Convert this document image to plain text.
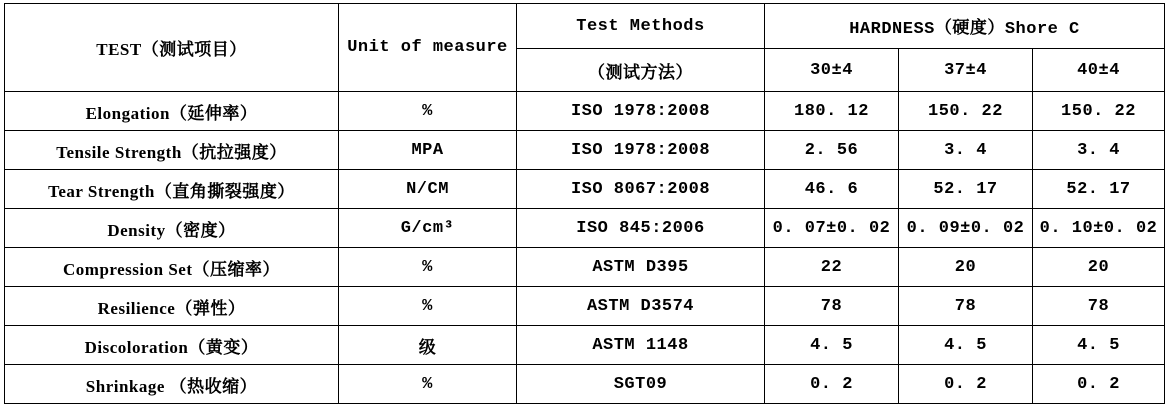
TEST（测试项目）	Unit of measure	Test Methods	HARDNESS（硬度）Shore C		
		（测试方法）	30±4	37±4	40±4
Elongation（延伸率）	%	ISO 1978:2008	180. 12	150. 22	150. 22
Tensile Strength（抗拉强度）	MPA	ISO 1978:2008	2. 56	3. 4	3. 4
Tear Strength（直角撕裂强度）	N/CM	ISO 8067:2008	46. 6	52. 17	52. 17
Density（密度）	G/cm³	ISO 845:2006	0. 07±0. 02	0. 09±0. 02	0. 10±0. 02
Compression Set（压缩率）	%	ASTM D395	22	20	20
Resilience（弹性）	%	ASTM D3574	78	78	78
Discoloration（黄变）	级	ASTM 1148	4. 5	4. 5	4. 5
Shrinkage （热收缩）	%	SGT09	0. 2	0. 2	0. 2
